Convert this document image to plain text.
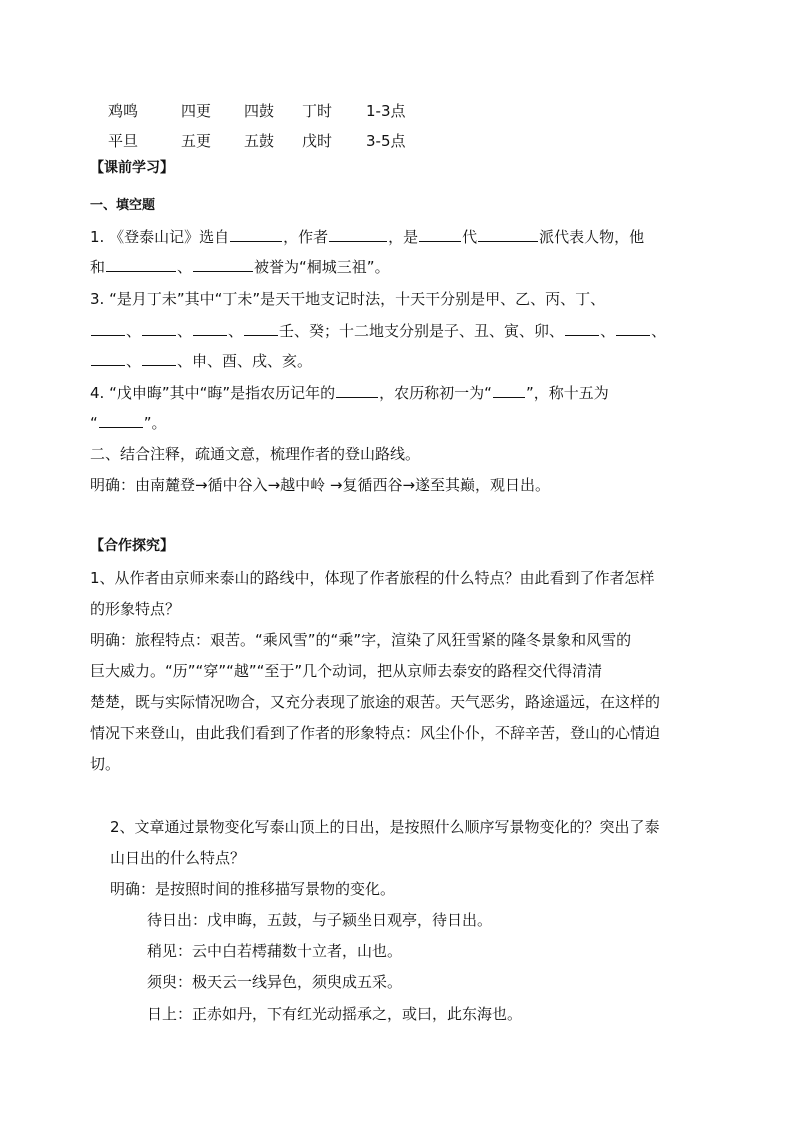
鸡鸣	四更 四鼓 丁时 1-3点
平旦	五更 五鼓 戊时 3-5点
【课前学习】
一、填空题
1. 《登泰山记》选自	，作者	，是	代	派代表人物，他
和	、	被誉为“桐城三祖”。
3. “是月丁未”其中“丁未”是天干地支记时法，十天干分别是甲、乙、丙、丁、
、 、 、 壬、癸；十二地支分别是子、丑、寅、卯、 、 、
、 、申、酉、戌、亥。
4. “戊申晦”其中“晦”是指农历记年的	，农历称初一为“ ”，称十五为
“	”。
二、结合注释，疏通文意，梳理作者的登山路线。
明确：由南麓登→循中谷入→越中岭 →复循西谷→遂至其巅，观日出。
【合作探究】
1、从作者由京师来泰山的路线中，体现了作者旅程的什么特点？由此看到了作者怎样
的形象特点？
明确：旅程特点：艰苦。“乘风雪”的“乘”字，渲染了风狂雪紧的隆冬景象和风雪的
巨大威力。“历”“穿”“越”“至于”几个动词，把从京师去泰安的路程交代得清清
楚楚，既与实际情况吻合，又充分表现了旅途的艰苦。天气恶劣，路途遥远，在这样的
情况下来登山，由此我们看到了作者的形象特点：风尘仆仆，不辞辛苦，登山的心情迫
切。
2、文章通过景物变化写泰山顶上的日出，是按照什么顺序写景物变化的？突出了泰
山日出的什么特点？
明确：是按照时间的推移描写景物的变化。
待日出：戊申晦，五鼓，与子颍坐日观亭，待日出。
稍见：云中白若樗蒱数十立者，山也。
须臾：极天云一线异色，须臾成五采。
日上：正赤如丹，下有红光动摇承之，或曰，此东海也。
